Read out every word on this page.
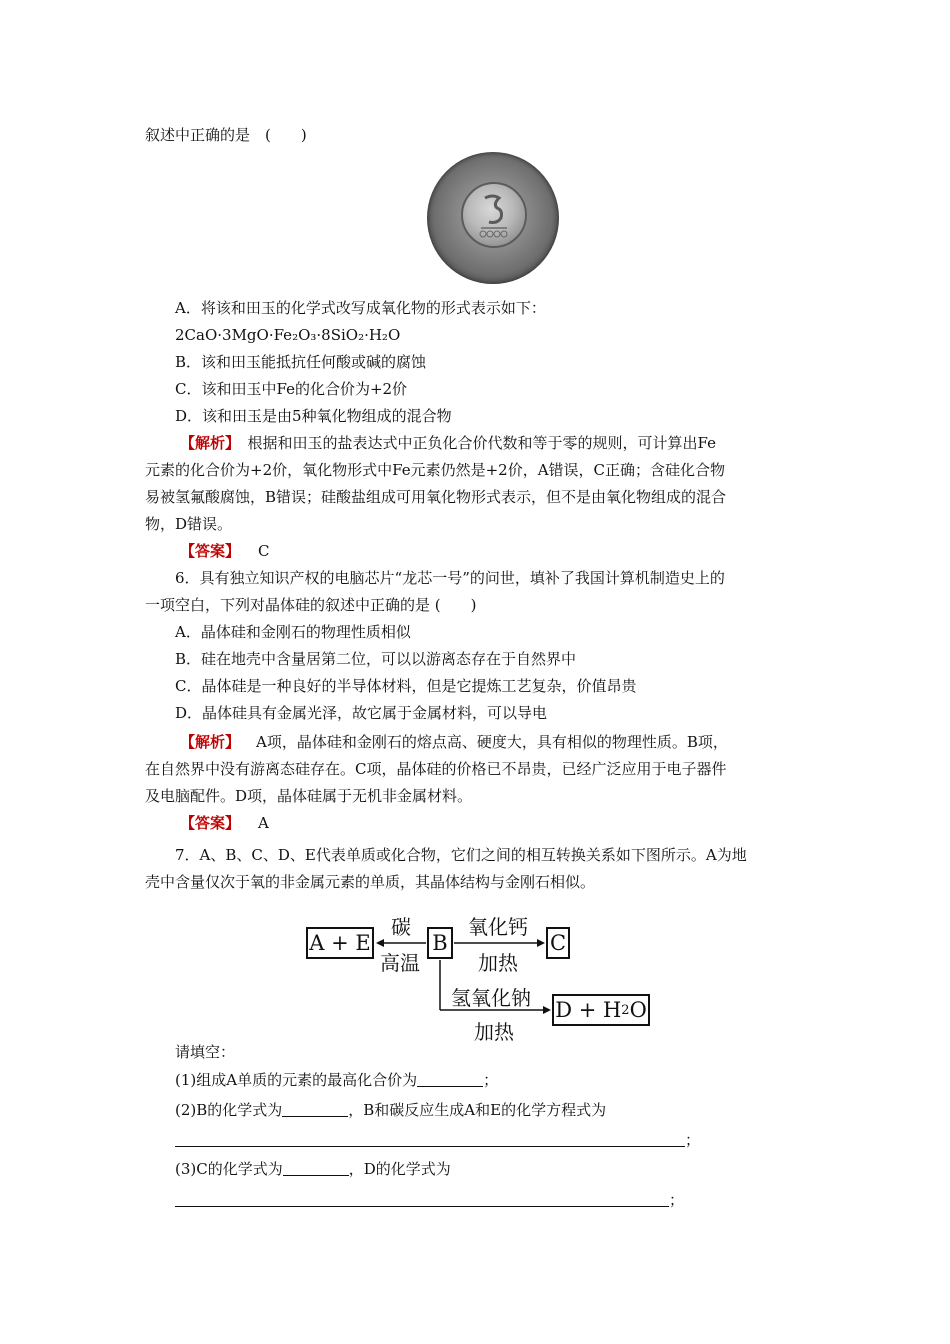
叙述中正确的是　(　　)
A．将该和田玉的化学式改写成氧化物的形式表示如下：
2CaO·3MgO·Fe₂O₃·8SiO₂·H₂O
B．该和田玉能抵抗任何酸或碱的腐蚀
C．该和田玉中Fe的化合价为+2价
D．该和田玉是由5种氧化物组成的混合物
【解析】　根据和田玉的盐表达式中正负化合价代数和等于零的规则，可计算出Fe
元素的化合价为+2价，氧化物形式中Fe元素仍然是+2价，A错误，C正确；含硅化合物
易被氢氟酸腐蚀，B错误；硅酸盐组成可用氧化物形式表示，但不是由氧化物组成的混合
物，D错误。
【答案】 C
6．具有独立知识产权的电脑芯片“龙芯一号”的问世，填补了我国计算机制造史上的
一项空白，下列对晶体硅的叙述中正确的是 (　　)
A．晶体硅和金刚石的物理性质相似
B．硅在地壳中含量居第二位，可以以游离态存在于自然界中
C．晶体硅是一种良好的半导体材料，但是它提炼工艺复杂，价值昂贵
D．晶体硅具有金属光泽，故它属于金属材料，可以导电
【解析】 A项，晶体硅和金刚石的熔点高、硬度大，具有相似的物理性质。B项，
在自然界中没有游离态硅存在。C项，晶体硅的价格已不昂贵，已经广泛应用于电子器件
及电脑配件。D项，晶体硅属于无机非金属材料。
【答案】 A
7．A、B、C、D、E代表单质或化合物，它们之间的相互转换关系如下图所示。A为地
壳中含量仅次于氧的非金属元素的单质，其晶体结构与金刚石相似。
A + E	B	C
D + H 2 O
碳
高温
氧化钙
加热
氢氧化钠
加热
请填空：
(1)组成A单质的元素的最高化合价为	；
(2)B的化学式为	，B和碳反应生成A和E的化学方程式为
；
(3)C的化学式为	，D的化学式为
；
